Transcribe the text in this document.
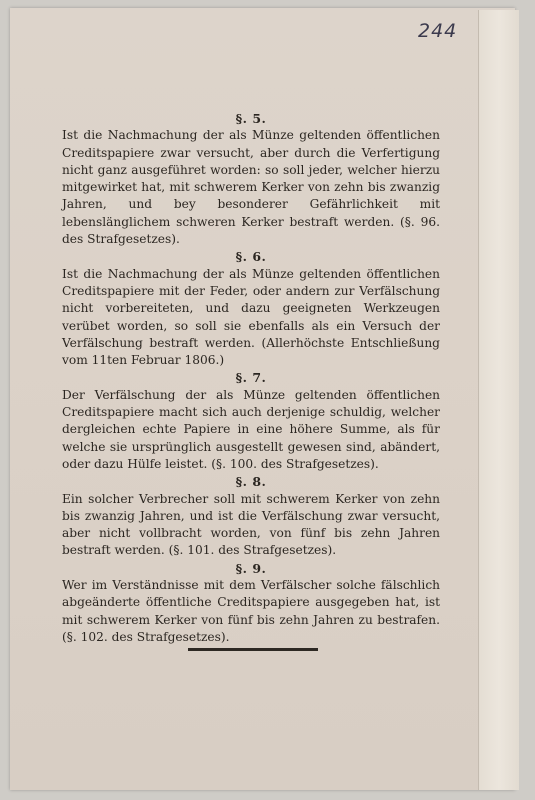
244

§. 5.

Ist die Nachmachung der als Münze geltenden öffentlichen Creditspapiere zwar versucht, aber durch die Verfertigung nicht ganz ausgeführet worden: so soll jeder, welcher hierzu mitgewirket hat, mit schwerem Kerker von zehn bis zwanzig Jahren, und bey besonderer Gefährlichkeit mit lebenslänglichem schweren Kerker bestraft werden. (§. 96. des Strafgesetzes).

§. 6.

Ist die Nachmachung der als Münze geltenden öffentlichen Creditspapiere mit der Feder, oder andern zur Verfälschung nicht vorbereiteten, und dazu geeigneten Werkzeugen verübet worden, so soll sie ebenfalls als ein Versuch der Verfälschung bestraft werden. (Allerhöchste Entschließung vom 11ten Februar 1806.)

§. 7.

Der Verfälschung der als Münze geltenden öffentlichen Creditspapiere macht sich auch derjenige schuldig, welcher dergleichen echte Papiere in eine höhere Summe, als für welche sie ursprünglich ausgestellt gewesen sind, abändert, oder dazu Hülfe leistet. (§. 100. des Strafgesetzes).

§. 8.

Ein solcher Verbrecher soll mit schwerem Kerker von zehn bis zwanzig Jahren, und ist die Verfälschung zwar versucht, aber nicht vollbracht worden, von fünf bis zehn Jahren bestraft werden. (§. 101. des Strafgesetzes).

§. 9.

Wer im Verständnisse mit dem Verfälscher solche fälschlich abgeänderte öffentliche Creditspapiere ausgegeben hat, ist mit schwerem Kerker von fünf bis zehn Jahren zu bestrafen. (§. 102. des Strafgesetzes).
